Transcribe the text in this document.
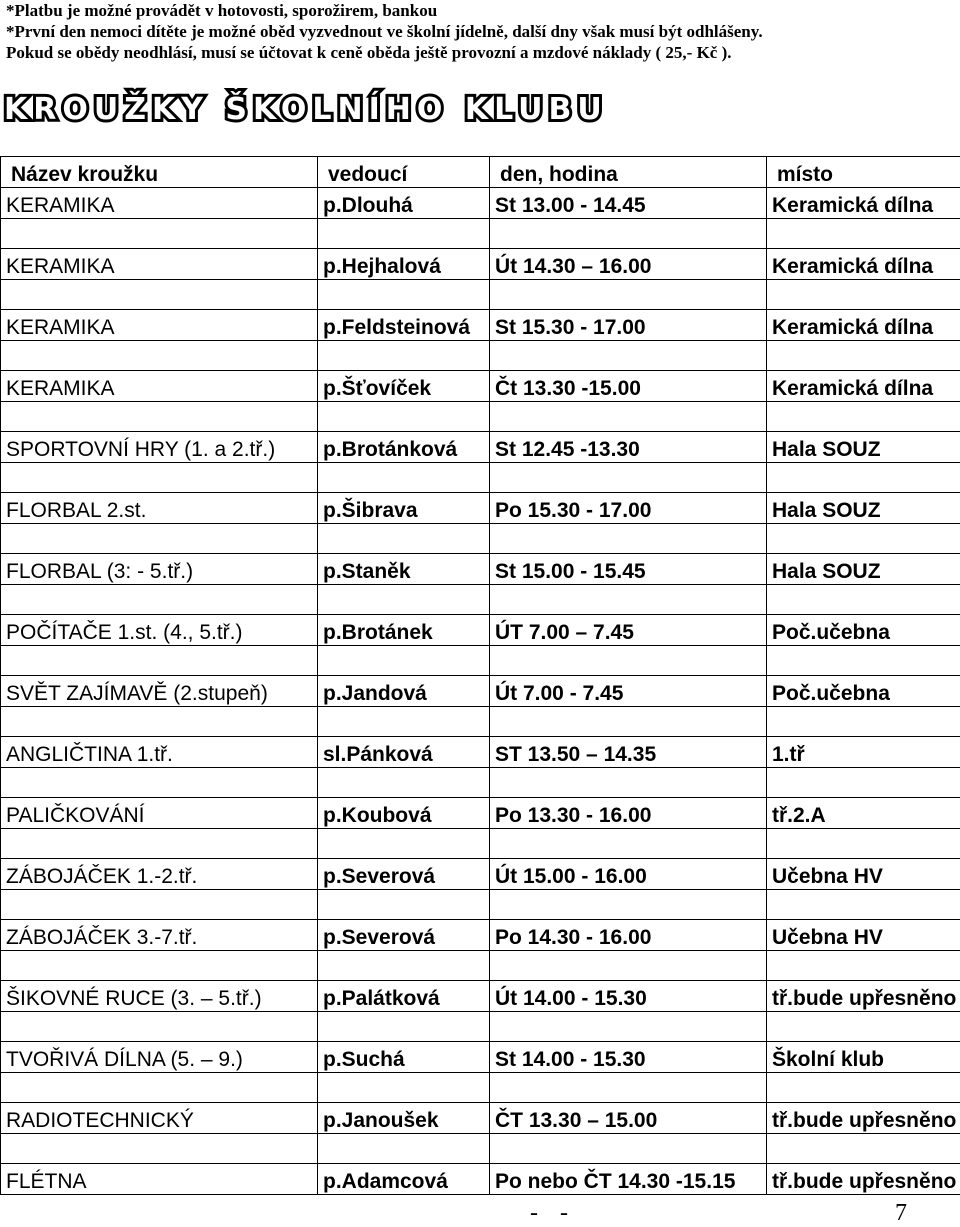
*Platbu je možné provádět v hotovosti, sporožirem, bankou
*První den nemoci dítěte je možné oběd vyzvednout ve školní jídelně, další dny však musí být odhlášeny.
Pokud se obědy neodhlásí, musí se účtovat k ceně oběda ještě provozní a mzdové náklady ( 25,- Kč ).
KROUŽKY ŠKOLNÍHO KLUBU
Název kroužku	vedoucí	den, hodina	místo
KERAMIKA	p.Dlouhá	St 13.00 - 14.45	Keramická dílna

KERAMIKA	p.Hejhalová	Út 14.30 – 16.00	Keramická dílna

KERAMIKA	p.Feldsteinová	St 15.30 - 17.00	Keramická dílna

KERAMIKA	p.Šťovíček	Čt 13.30 -15.00	Keramická dílna

SPORTOVNÍ HRY (1. a 2.tř.)	p.Brotánková	St 12.45 -13.30	Hala SOUZ

FLORBAL 2.st.	p.Šibrava	Po 15.30 - 17.00	Hala SOUZ

FLORBAL (3: - 5.tř.)	p.Staněk	St 15.00 - 15.45	Hala SOUZ

POČÍTAČE 1.st. (4., 5.tř.)	p.Brotánek	ÚT 7.00 – 7.45	Poč.učebna

SVĚT ZAJÍMAVĚ (2.stupeň)	p.Jandová	Út 7.00 - 7.45	Poč.učebna

ANGLIČTINA 1.tř.	sl.Pánková	ST 13.50 – 14.35	1.tř

PALIČKOVÁNÍ	p.Koubová	Po 13.30 - 16.00	tř.2.A

ZÁBOJÁČEK 1.-2.tř.	p.Severová	Út 15.00 - 16.00	Učebna HV

ZÁBOJÁČEK 3.-7.tř.	p.Severová	Po 14.30 - 16.00	Učebna HV

ŠIKOVNÉ RUCE (3. – 5.tř.)	p.Palátková	Út 14.00 - 15.30	tř.bude upřesněno

TVOŘIVÁ DÍLNA (5. – 9.)	p.Suchá	St 14.00 - 15.30	Školní klub

RADIOTECHNICKÝ	p.Janoušek	ČT 13.30 – 15.00	tř.bude upřesněno

FLÉTNA	p.Adamcová	Po nebo ČT 14.30 -15.15	tř.bude upřesněno
- -	7
